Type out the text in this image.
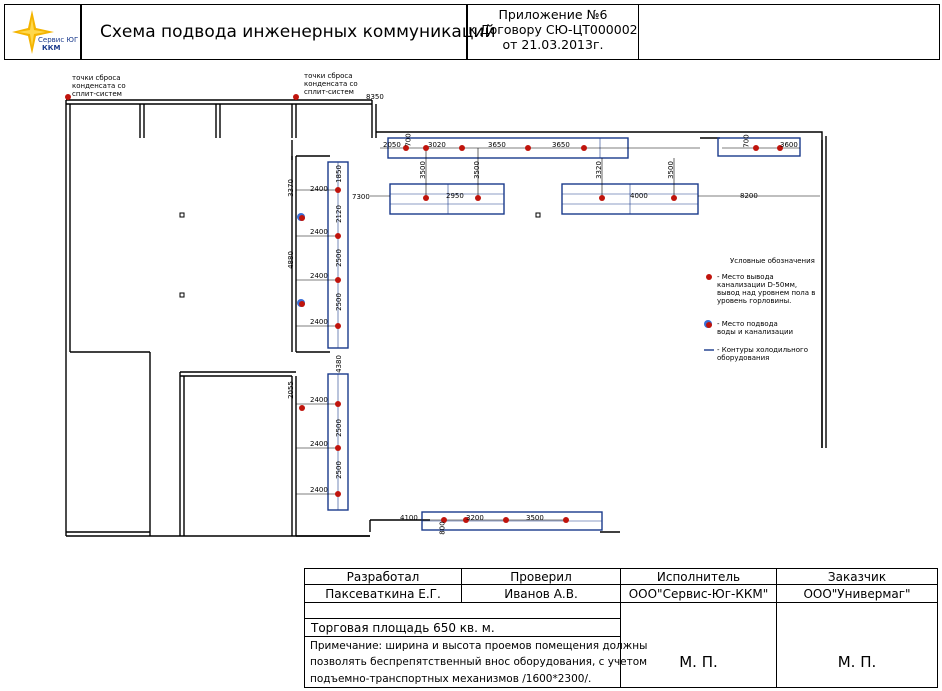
Сервис ЮГ
ККМ
Схема подвода инженерных коммуникаций
Приложение №6
к Договору СЮ-ЦТ000002
от 21.03.2013г.
точки сброса
конденсата со
сплит-систем
точки сброса
конденсата со
сплит-систем
8350
2050 700 3020	3650	3650	700	3600
3500	3500	3320	3500
7300	2950	4000	8200
3370
1850
2400
2400
2400
2400
2400
2400
2400
4880
2120
2500
2500
2055
4380
2500
2500
4100	3200	3500
800
Условные обозначения
- Место вывода
канализации D-50мм,
вывод над уровнем пола в
уровень горловины.
- Место подвода
воды и канализации
- Контуры холодильного
оборудования
Разработал	Проверил	Исполнитель	Заказчик
Паксеваткина Е.Г.	Иванов А.В.	ООО"Сервис-Юг-ККМ"	ООО"Универмаг"
Торговая площадь 650 кв. м.
Примечание: ширина и высота проемов помещения должны
позволять беспрепятственный внос оборудования, с учетом
подъемно-транспортных механизмов /1600*2300/.
М. П.	М. П.
